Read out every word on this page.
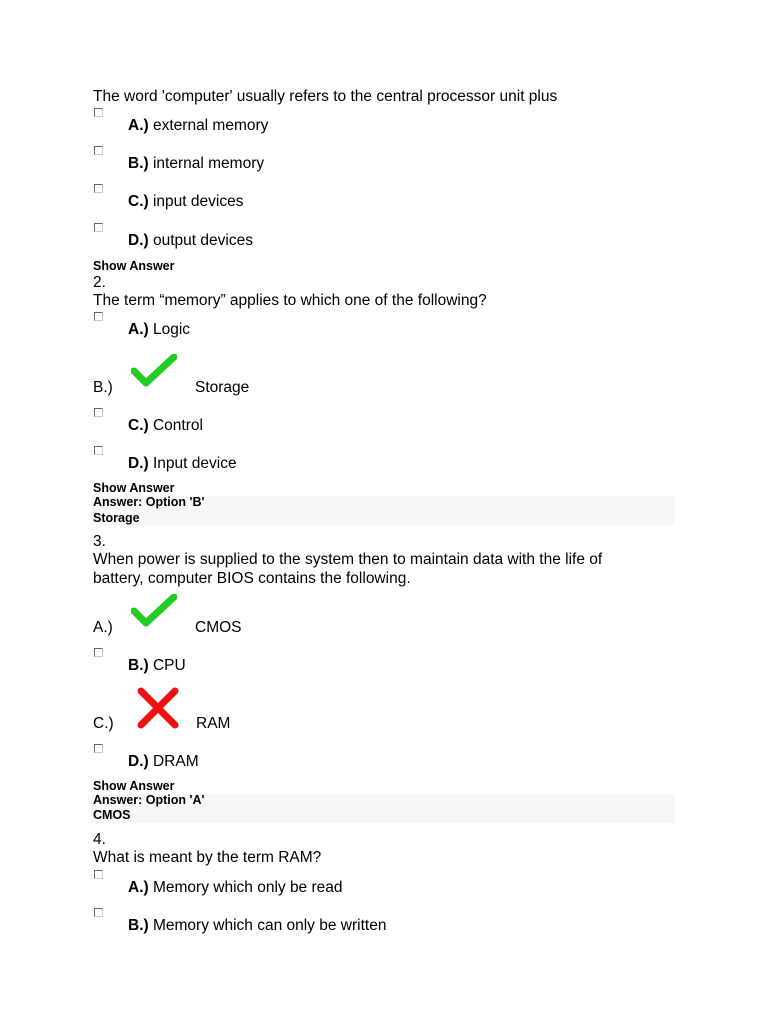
The word 'computer' usually refers to the central processor unit plus
A.) external memory
B.) internal memory
C.) input devices
D.) output devices
Show Answer
2.
The term “memory” applies to which one of the following?
A.) Logic
B.)	Storage
C.) Control
D.) Input device
Show Answer
Answer: Option 'B'
Storage
3.
When power is supplied to the system then to maintain data with the life of
battery, computer BIOS contains the following.
A.)	CMOS
B.) CPU
C.)	RAM
D.) DRAM
Show Answer
Answer: Option 'A'
CMOS
4.
What is meant by the term RAM?
A.) Memory which only be read
B.) Memory which can only be written
